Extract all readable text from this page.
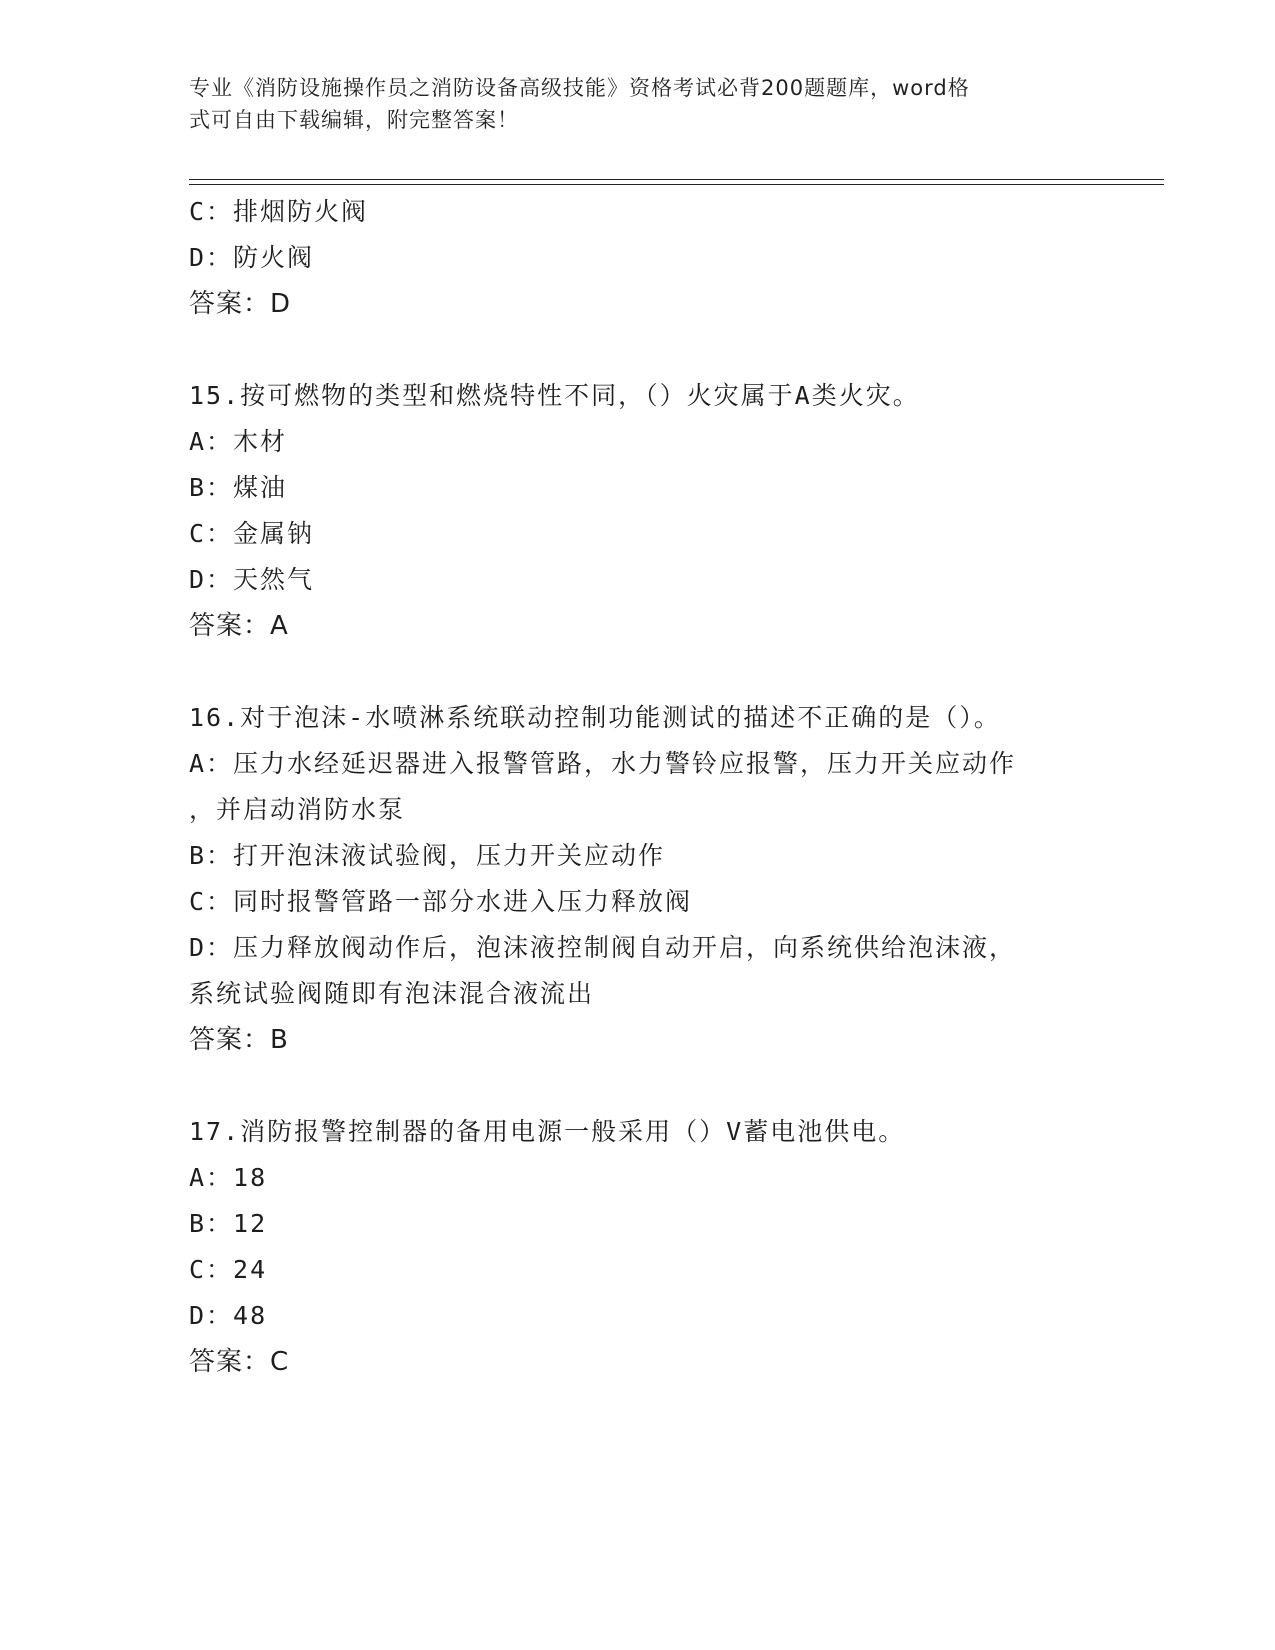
专业《消防设施操作员之消防设备高级技能》资格考试必背200题题库，word格
式可自由下载编辑，附完整答案！
C：排烟防火阀
D：防火阀
答案：D
15.按可燃物的类型和燃烧特性不同，（）火灾属于A类火灾。
A：木材
B：煤油
C：金属钠
D：天然气
答案：A
16.对于泡沫-水喷淋系统联动控制功能测试的描述不正确的是（）。
A：压力水经延迟器进入报警管路，水力警铃应报警，压力开关应动作
，并启动消防水泵
B：打开泡沫液试验阀，压力开关应动作
C：同时报警管路一部分水进入压力释放阀
D：压力释放阀动作后，泡沫液控制阀自动开启，向系统供给泡沫液，
系统试验阀随即有泡沫混合液流出
答案：B
17.消防报警控制器的备用电源一般采用（）V蓄电池供电。
A：18
B：12
C：24
D：48
答案：C
